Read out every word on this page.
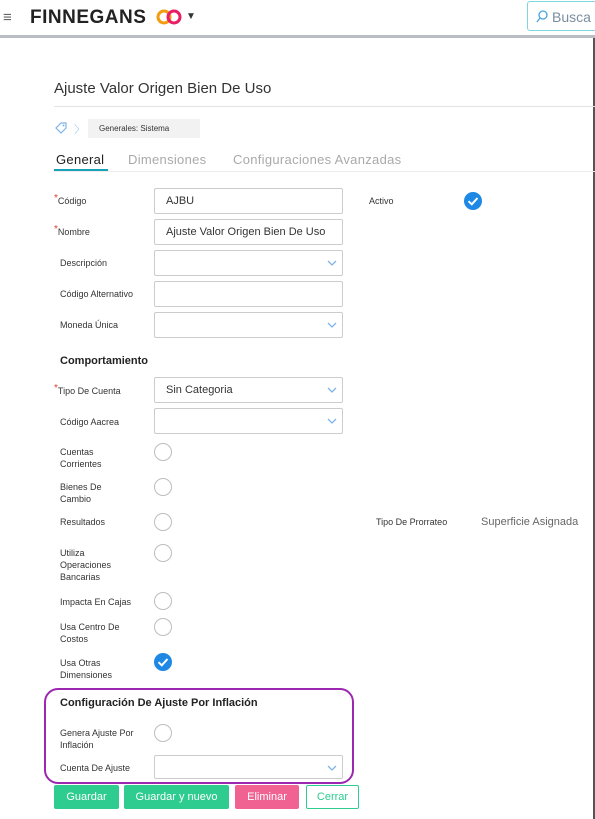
≡ FINNEGANS	▼	Busca
Ajuste Valor Origen Bien De Uso
〉	Generales: Sistema
General Dimensiones Configuraciones Avanzadas
*Código	AJBU	Activo
*Nombre	Ajuste Valor Origen Bien De Uso
Descripción
Código Alternativo
Moneda Única
Comportamiento
*Tipo De Cuenta	Sin Categoria
Código Aacrea
Cuentas
Corrientes
Bienes De
Cambio
Resultados	Tipo De Prorrateo	Superficie Asignada
Utiliza
Operaciones
Bancarias
Impacta En Cajas
Usa Centro De
Costos
Usa Otras
Dimensiones
Configuración De Ajuste Por Inflación
Genera Ajuste Por
Inflación
Cuenta De Ajuste
Guardar	Guardar y nuevo	Eliminar	Cerrar
